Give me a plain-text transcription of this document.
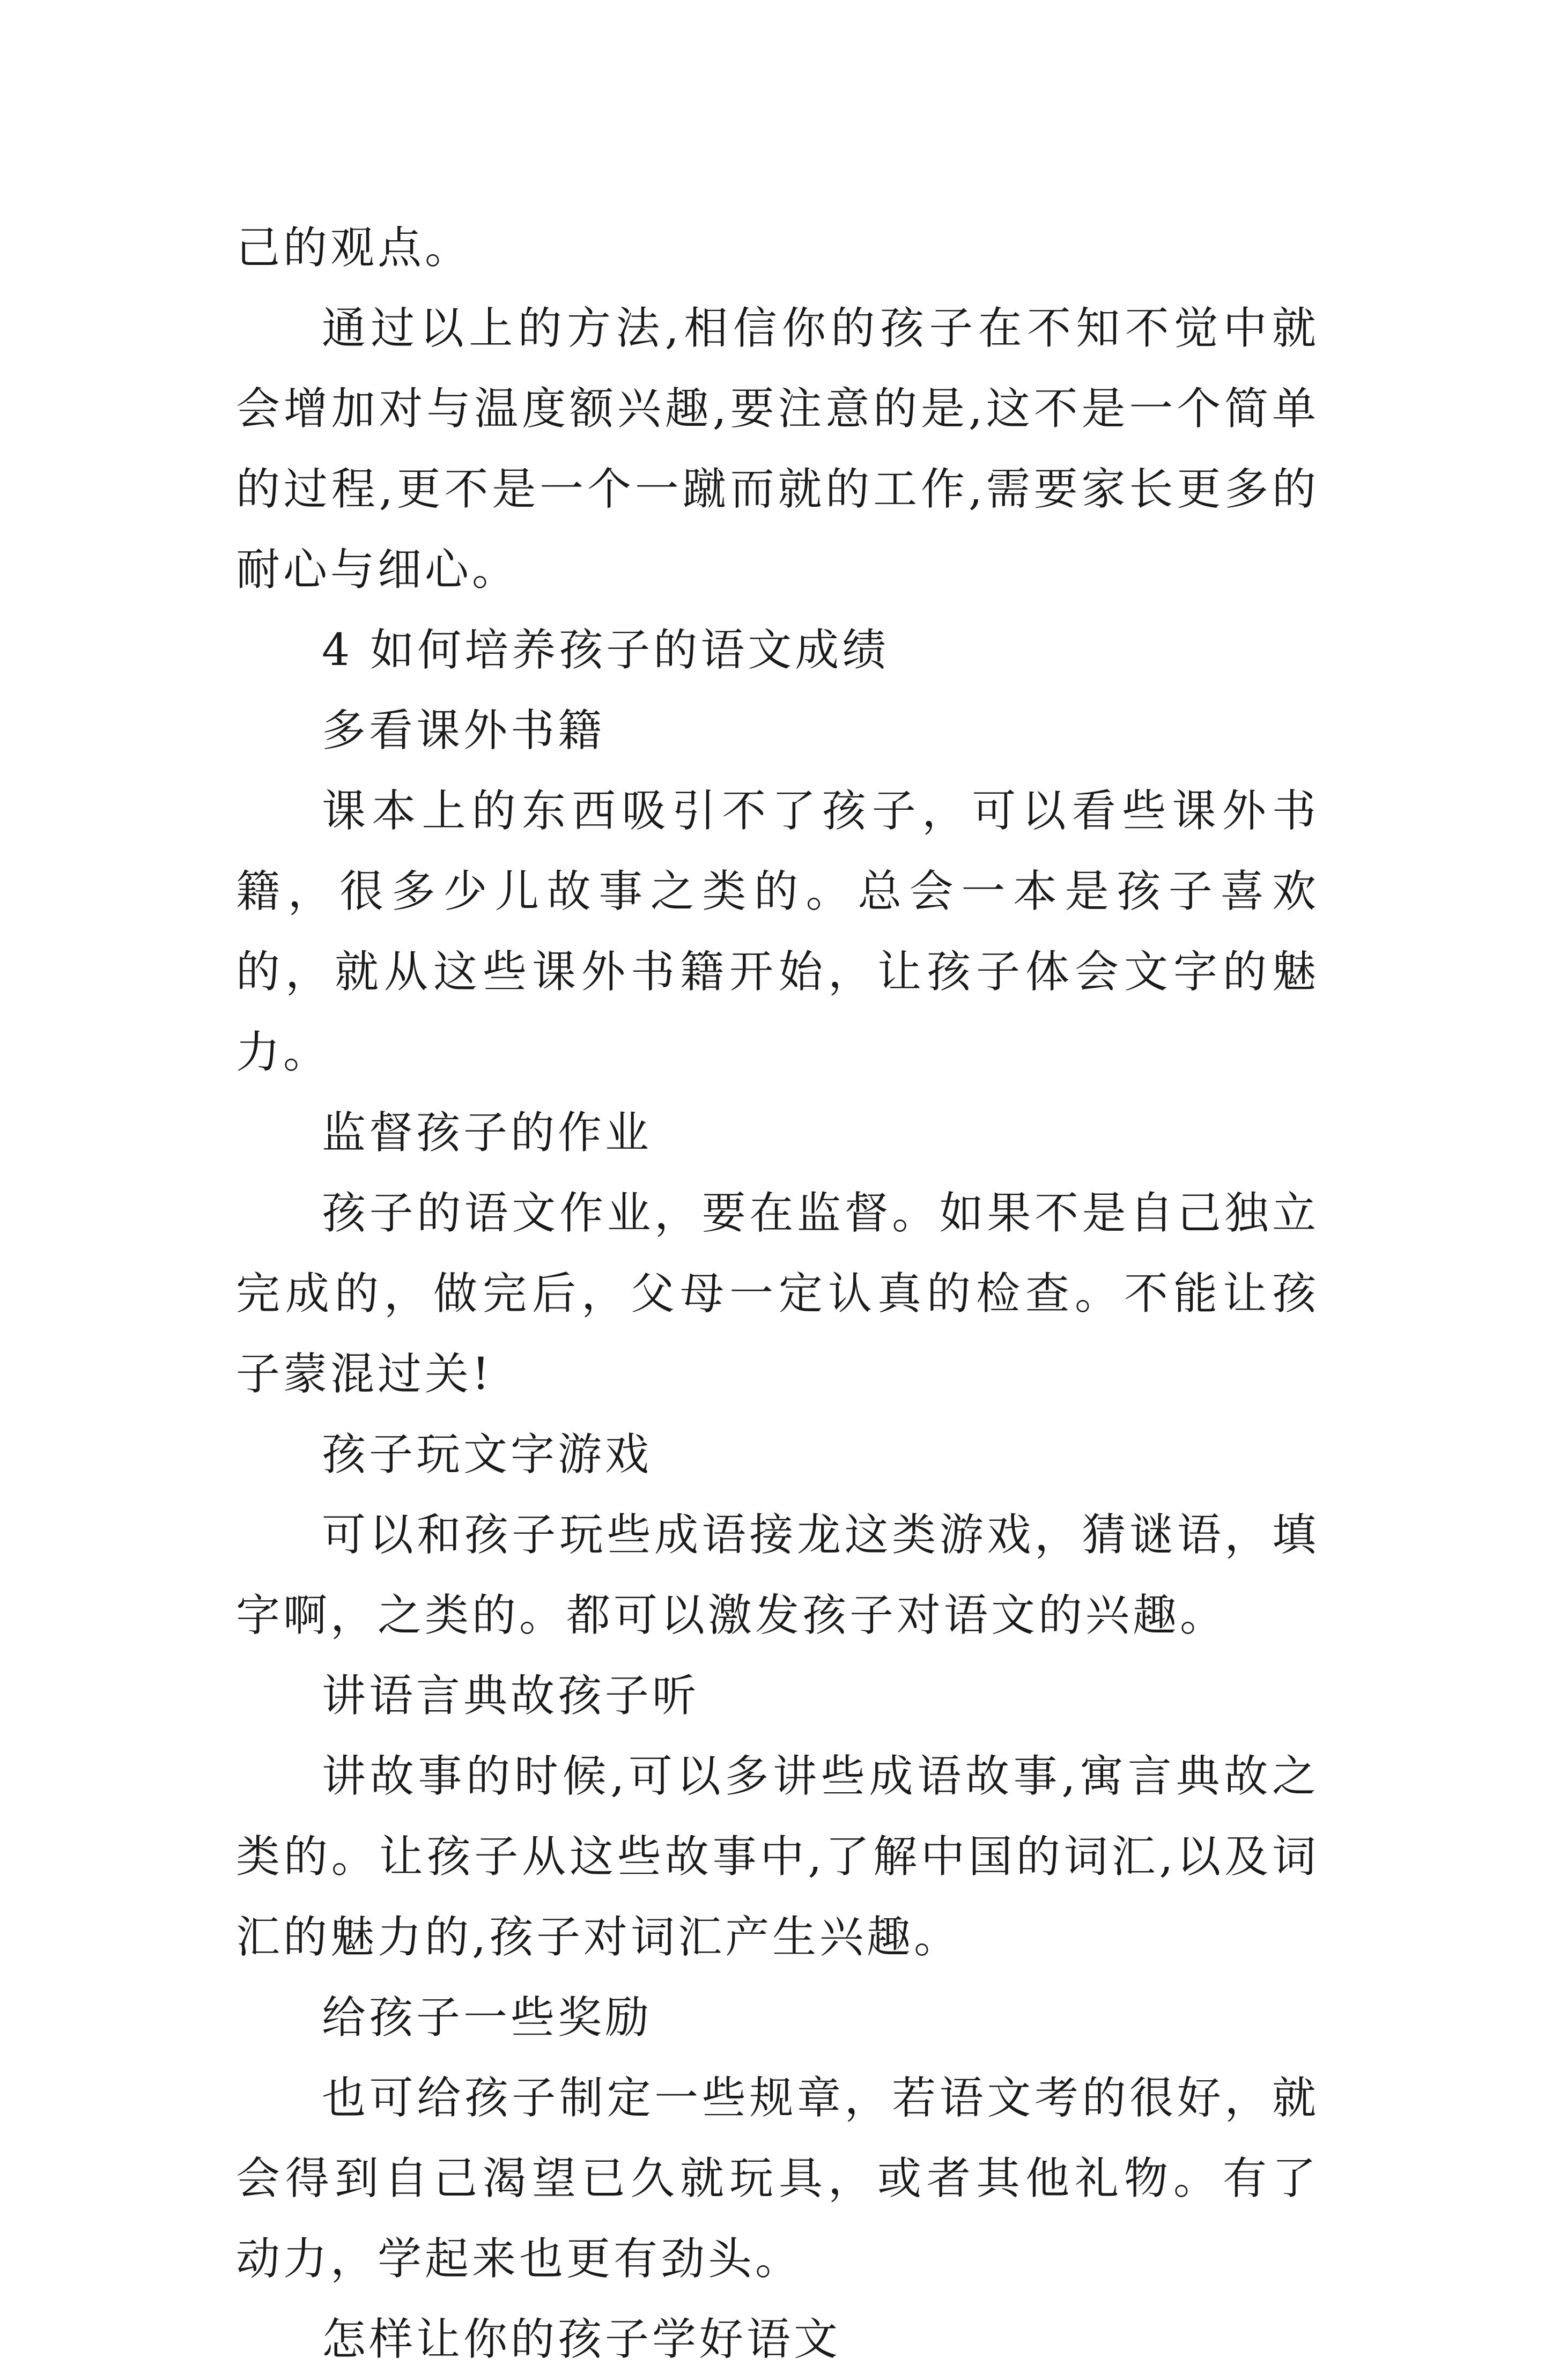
己的观点。

通过以上的方法,相信你的孩子在不知不觉中就会增加对与温度额兴趣,要注意的是,这不是一个简单的过程,更不是一个一蹴而就的工作,需要家长更多的耐心与细心。

4 如何培养孩子的语文成绩

多看课外书籍

课本上的东西吸引不了孩子，可以看些课外书籍，很多少儿故事之类的。总会一本是孩子喜欢的，就从这些课外书籍开始，让孩子体会文字的魅力。

监督孩子的作业

孩子的语文作业，要在监督。如果不是自己独立完成的，做完后，父母一定认真的检查。不能让孩子蒙混过关!

孩子玩文字游戏

可以和孩子玩些成语接龙这类游戏，猜谜语，填字啊，之类的。都可以激发孩子对语文的兴趣。

讲语言典故孩子听

讲故事的时候,可以多讲些成语故事,寓言典故之类的。让孩子从这些故事中,了解中国的词汇,以及词汇的魅力的,孩子对词汇产生兴趣。

给孩子一些奖励

也可给孩子制定一些规章，若语文考的很好，就会得到自己渴望已久就玩具，或者其他礼物。有了动力，学起来也更有劲头。

怎样让你的孩子学好语文
